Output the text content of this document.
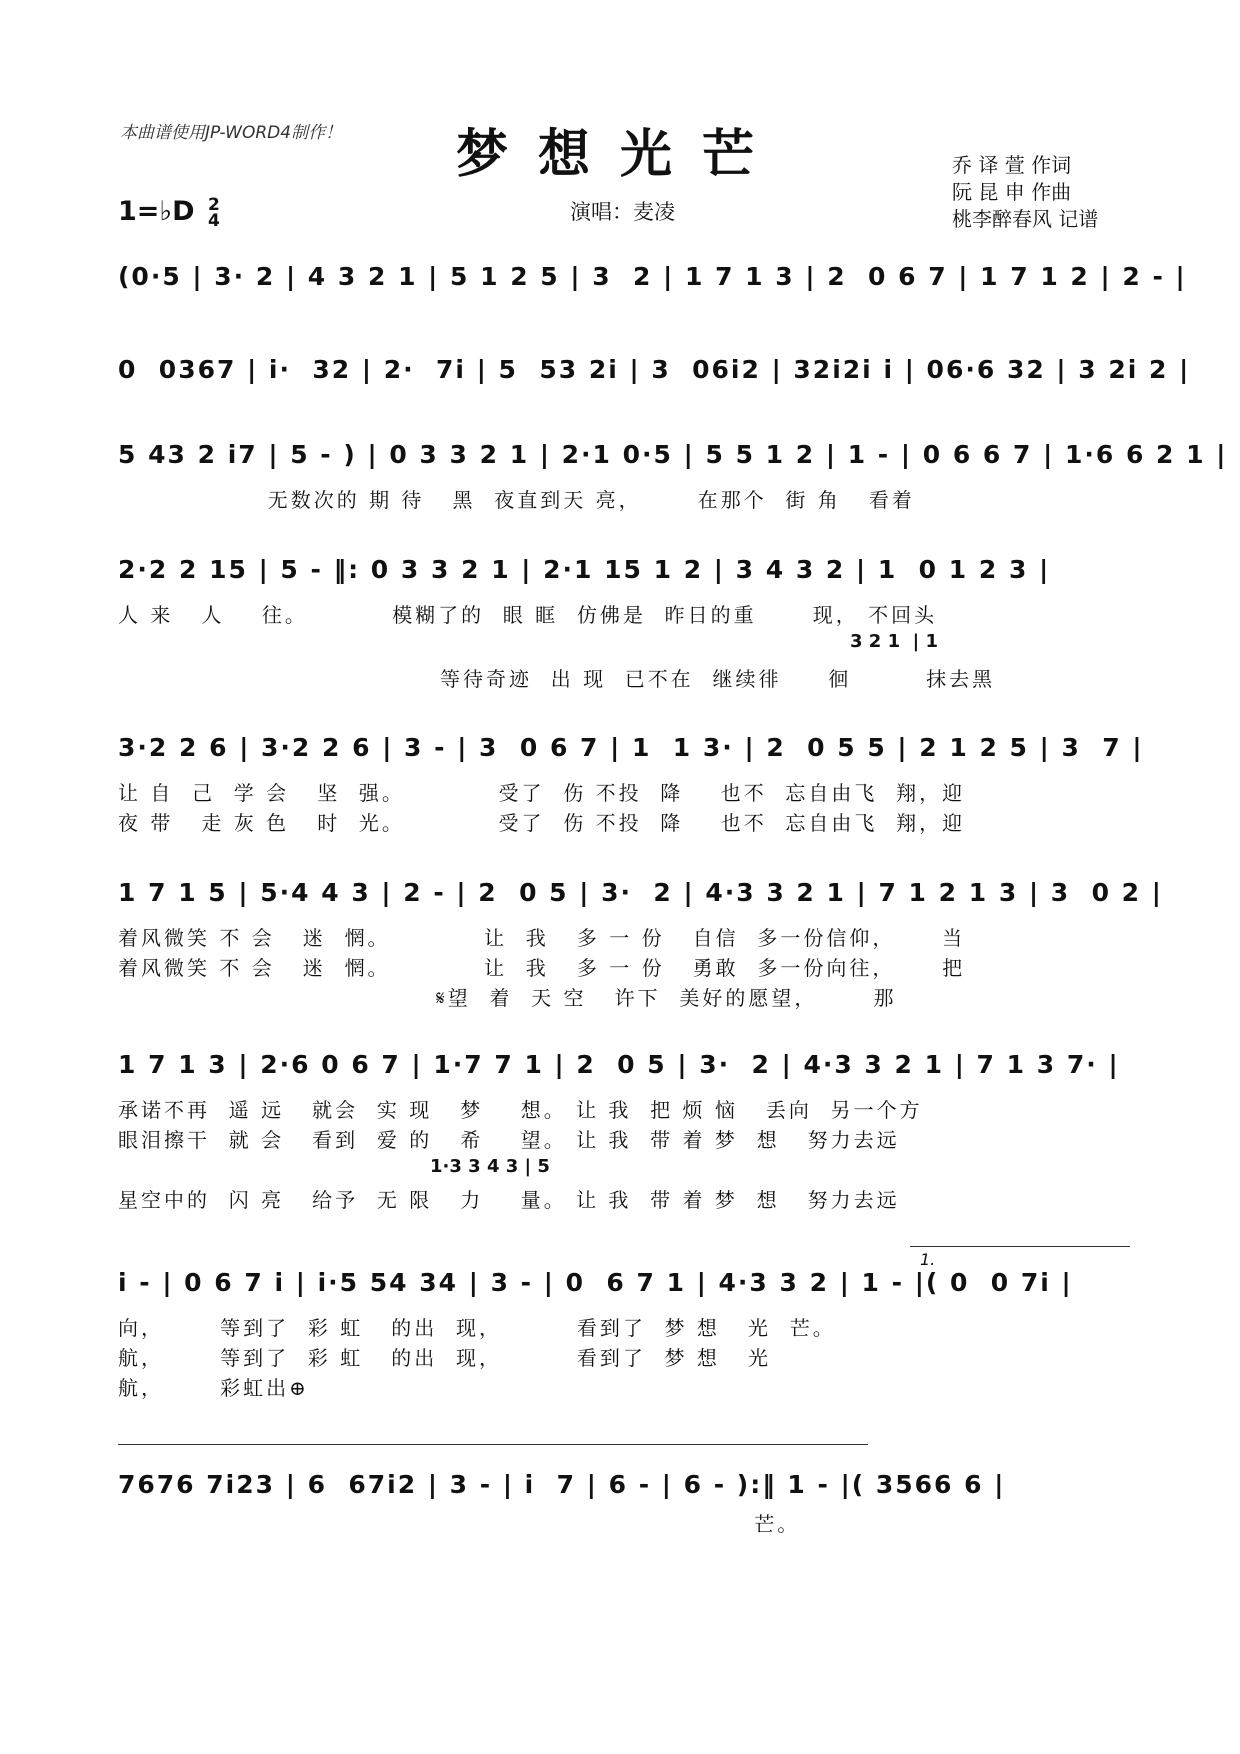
本曲谱使用JP-WORD4制作！	梦想光芒
1=♭D 2
4	演唱：麦凌
乔 译 萱 作词
阮 昆 申 作曲
桃李醉春风 记谱
(0·5 | 3· 2 | 4 3 2 1 | 5 1 2 5 | 3  2 | 1 7 1 3 | 2  0 6 7 | 1 7 1 2 | 2 - |
0  0367 | i·  32 | 2·  7i | 5  53 2i | 3  06i2 | 32i2i i | 06·6 32 | 3 2i 2 |
5 43 2 i7 | 5 - ) | 0 3 3 2 1 | 2·1 0·5 | 5 5 1 2 | 1 - | 0 6 6 7 | 1·6 6 2 1 |
无数次的 期 待   黑  夜直到天 亮，      在那个  街 角   看着
2·2 2 15 | 5 - ‖: 0 3 3 2 1 | 2·1 15 1 2 | 3 4 3 2 | 1  0 1 2 3 |
人 来   人    往。         模糊了的  眼 眶  仿佛是  昨日的重      现， 不回头
3 2 1  | 1
等待奇迹  出 现  已不在  继续徘     徊        抹去黑
3·2 2 6 | 3·2 2 6 | 3 - | 3  0 6 7 | 1  1 3· | 2  0 5 5 | 2 1 2 5 | 3  7 |
让 自  己  学 会   坚  强。          受了  伤 不投  降    也不  忘自由飞  翔，迎
夜 带   走 灰 色   时  光。          受了  伤 不投  降    也不  忘自由飞  翔，迎
1 7 1 5 | 5·4 4 3 | 2 - | 2  0 5 | 3·  2 | 4·3 3 2 1 | 7 1 2 1 3 | 3  0 2 |
着风微笑 不 会   迷  惘。          让  我   多 一 份   自信  多一份信仰，     当
着风微笑 不 会   迷  惘。          让  我   多 一 份   勇敢  多一份向往，     把
𝄋望  着  天 空   许下  美好的愿望，      那
1 7 1 3 | 2·6 0 6 7 | 1·7 7 1 | 2  0 5 | 3·  2 | 4·3 3 2 1 | 7 1 3 7· |
承诺不再  遥 远   就会  实 现   梦    想。 让 我  把 烦 恼   丢向  另一个方
眼泪擦干  就 会   看到  爱 的   希    望。 让 我  带 着 梦  想   努力去远
1·3 3 4 3 | 5
星空中的  闪 亮   给予  无 限   力    量。 让 我  带 着 梦  想   努力去远
1.
i - | 0 6 7 i | i·5 54 34 | 3 - | 0  6 7 1 | 4·3 3 2 | 1 - |( 0  0 7i |
向，      等到了  彩 虹   的出  现，        看到了  梦 想   光  芒。
航，      等到了  彩 虹   的出  现，        看到了  梦 想   光
航，      彩虹出⊕
7676 7i23 | 6  67i2 | 3 - | i  7 | 6 - | 6 - ):‖ 1 - |( 3566 6 |
芒。
